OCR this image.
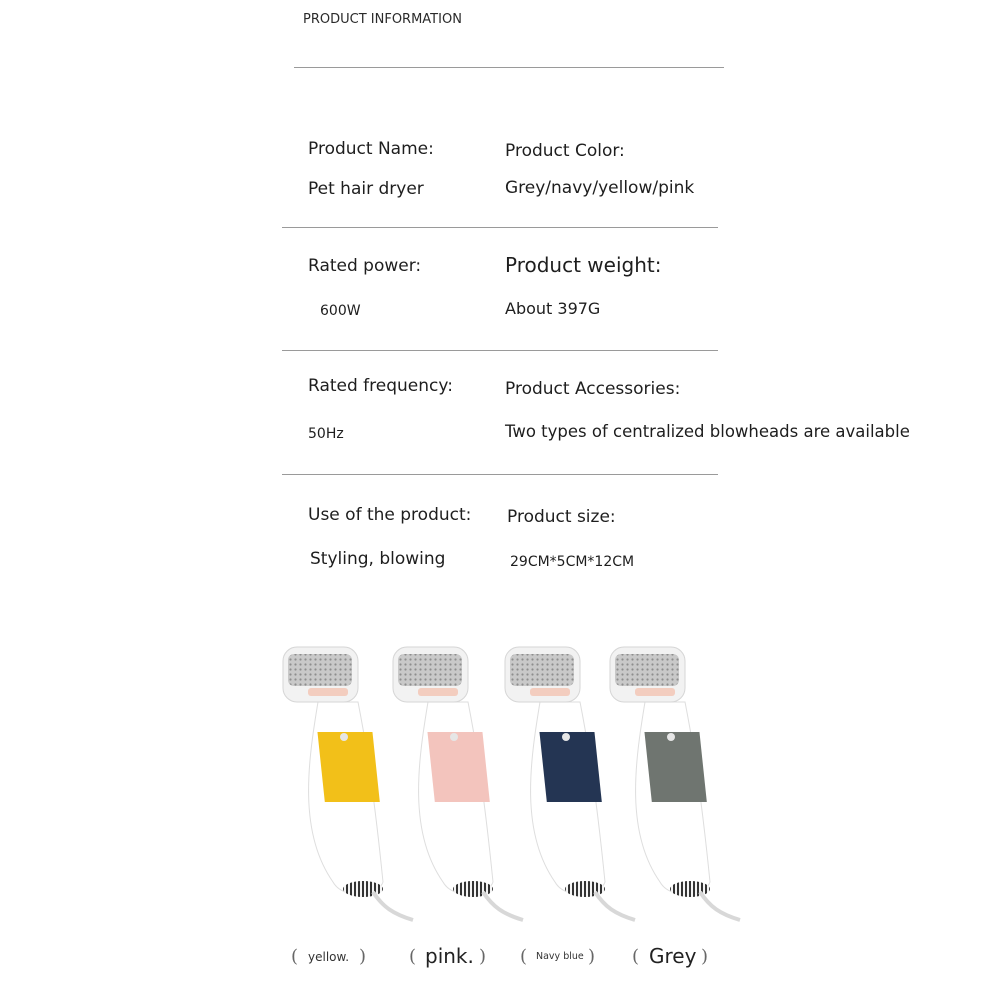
PRODUCT INFORMATION
Product Name:
Pet hair dryer
Product Color:
Grey/navy/yellow/pink
Rated power:
600W
Product weight:
About 397G
Rated frequency:
50Hz
Product Accessories:
Two types of centralized blowheads are available
Use of the product:
Styling, blowing
Product size:
29CM*5CM*12CM
( yellow. ) ( pink. ) ( Navy blue ) ( Grey )
